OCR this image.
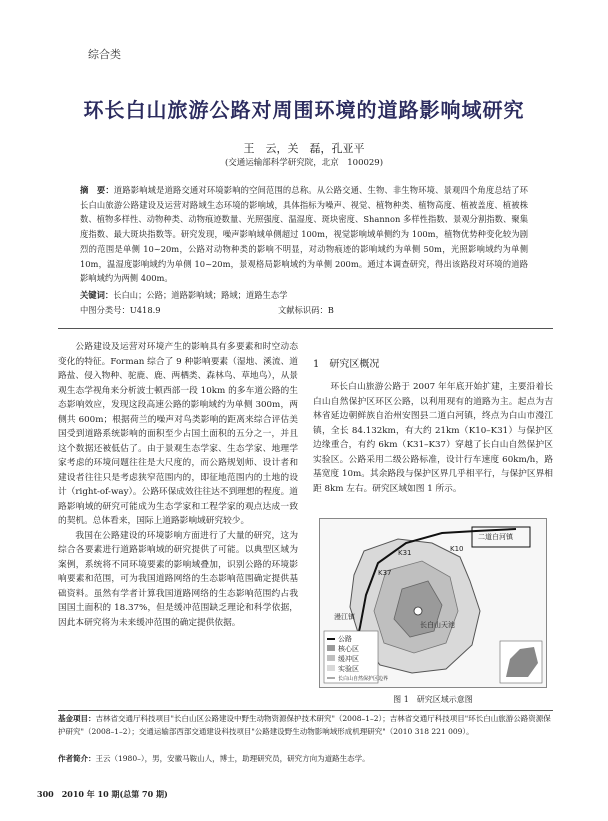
综合类
环长白山旅游公路对周围环境的道路影响域研究
王　云，关　磊，孔亚平
(交通运输部科学研究院，北京　100029)
摘　要：道路影响域是道路交通对环境影响的空间范围的总称。从公路交通、生物、非生物环境、景观四个角度总结了环长白山旅游公路建设及运营对路域生态环境的影响域，具体指标为噪声、视觉、植物种类、植物高度、植被盖度、植被株数、植物多样性、动物种类、动物痕迹数量、光照强度、温湿度、斑块密度、Shannon 多样性指数、景观分割指数、聚集度指数、最大斑块指数等。研究发现，噪声影响域单侧超过 100m，视觉影响域单侧约为 100m，植物优势种变化较为剧烈的范围是单侧 10~20m，公路对动物种类的影响不明显，对动物痕迹的影响域约为单侧 50m，光照影响域约为单侧 10m，温湿度影响域约为单侧 10~20m，景观格局影响域约为单侧 200m。通过本调查研究，得出该路段对环境的道路影响域约为两侧 400m。
关键词：长白山；公路；道路影响域；路域；道路生态学
中图分类号：U418.9	文献标识码：B

公路建设及运营对环境产生的影响具有多要素和时空动态变化的特征。Forman 综合了 9 种影响要素（湿地、溪流、道路盐、侵入物种、驼鹿、鹿、两栖类、森林鸟、草地鸟），从景观生态学视角来分析波士顿西部一段 10km 的多车道公路的生态影响效应，发现这段高速公路的影响域约为单侧 300m，两侧共 600m；根据荷兰的噪声对鸟类影响的距离来综合评估美国受到道路系统影响的面积至少占国土面积的五分之一，并且这个数据还被低估了。由于景观生态学家、生态学家、地理学家考虑的环境问题往往是大尺度的，而公路规划师、设计者和建设者往往只是考虑狭窄范围内的，即征地范围内的土地的设计（right-of-way）。公路环保成效往往达不到理想的程度。道路影响域的研究可能成为生态学家和工程学家的观点达成一致的契机。总体看来，国际上道路影响域研究较少。

我国在公路建设的环境影响方面进行了大量的研究，这为综合各要素进行道路影响域的研究提供了可能。以典型区域为案例，系统将不同环境要素的影响域叠加，识别公路的环境影响要素和范围，可为我国道路网络的生态影响范围确定提供基础资料。虽然有学者计算我国道路网络的生态影响范围约占我国国土面积的 18.37%，但是缓冲范围缺乏理论和科学依据，因此本研究将为未来缓冲范围的确定提供依据。

1　研究区概况

环长白山旅游公路于 2007 年年底开始扩建，主要沿着长白山自然保护区环区公路，以利用现有的道路为主。起点为吉林省延边朝鲜族自治州安图县二道白河镇，终点为白山市漫江镇，全长 84.132km，有大约 21km（K10–K31）与保护区边缘重合，有约 6km（K31–K37）穿越了长白山自然保护区实验区。公路采用二级公路标准，设计行车速度 60km/h，路基宽度 10m。其余路段与保护区界几乎相平行，与保护区界相距 8km 左右。研究区域如图 1 所示。

二道白河镇
漫江镇
长白山天池
K10
K31
K37
公路
核心区
缓冲区
实验区
长白山自然保护区边界
图 1　研究区域示意图
基金项目：吉林省交通厅科技项目"长白山区公路建设中野生动物资源保护技术研究"（2008–1–2）；吉林省交通厅科技项目"环长白山旅游公路资源保护研究"（2008–1–2）；交通运输部西部交通建设科技项目"公路建设野生动物影响域形成机理研究"（2010 318 221 009）。
作者简介：王云（1980–），男，安徽马鞍山人，博士，助理研究员，研究方向为道路生态学。
300　2010 年 10 期(总第 70 期)
